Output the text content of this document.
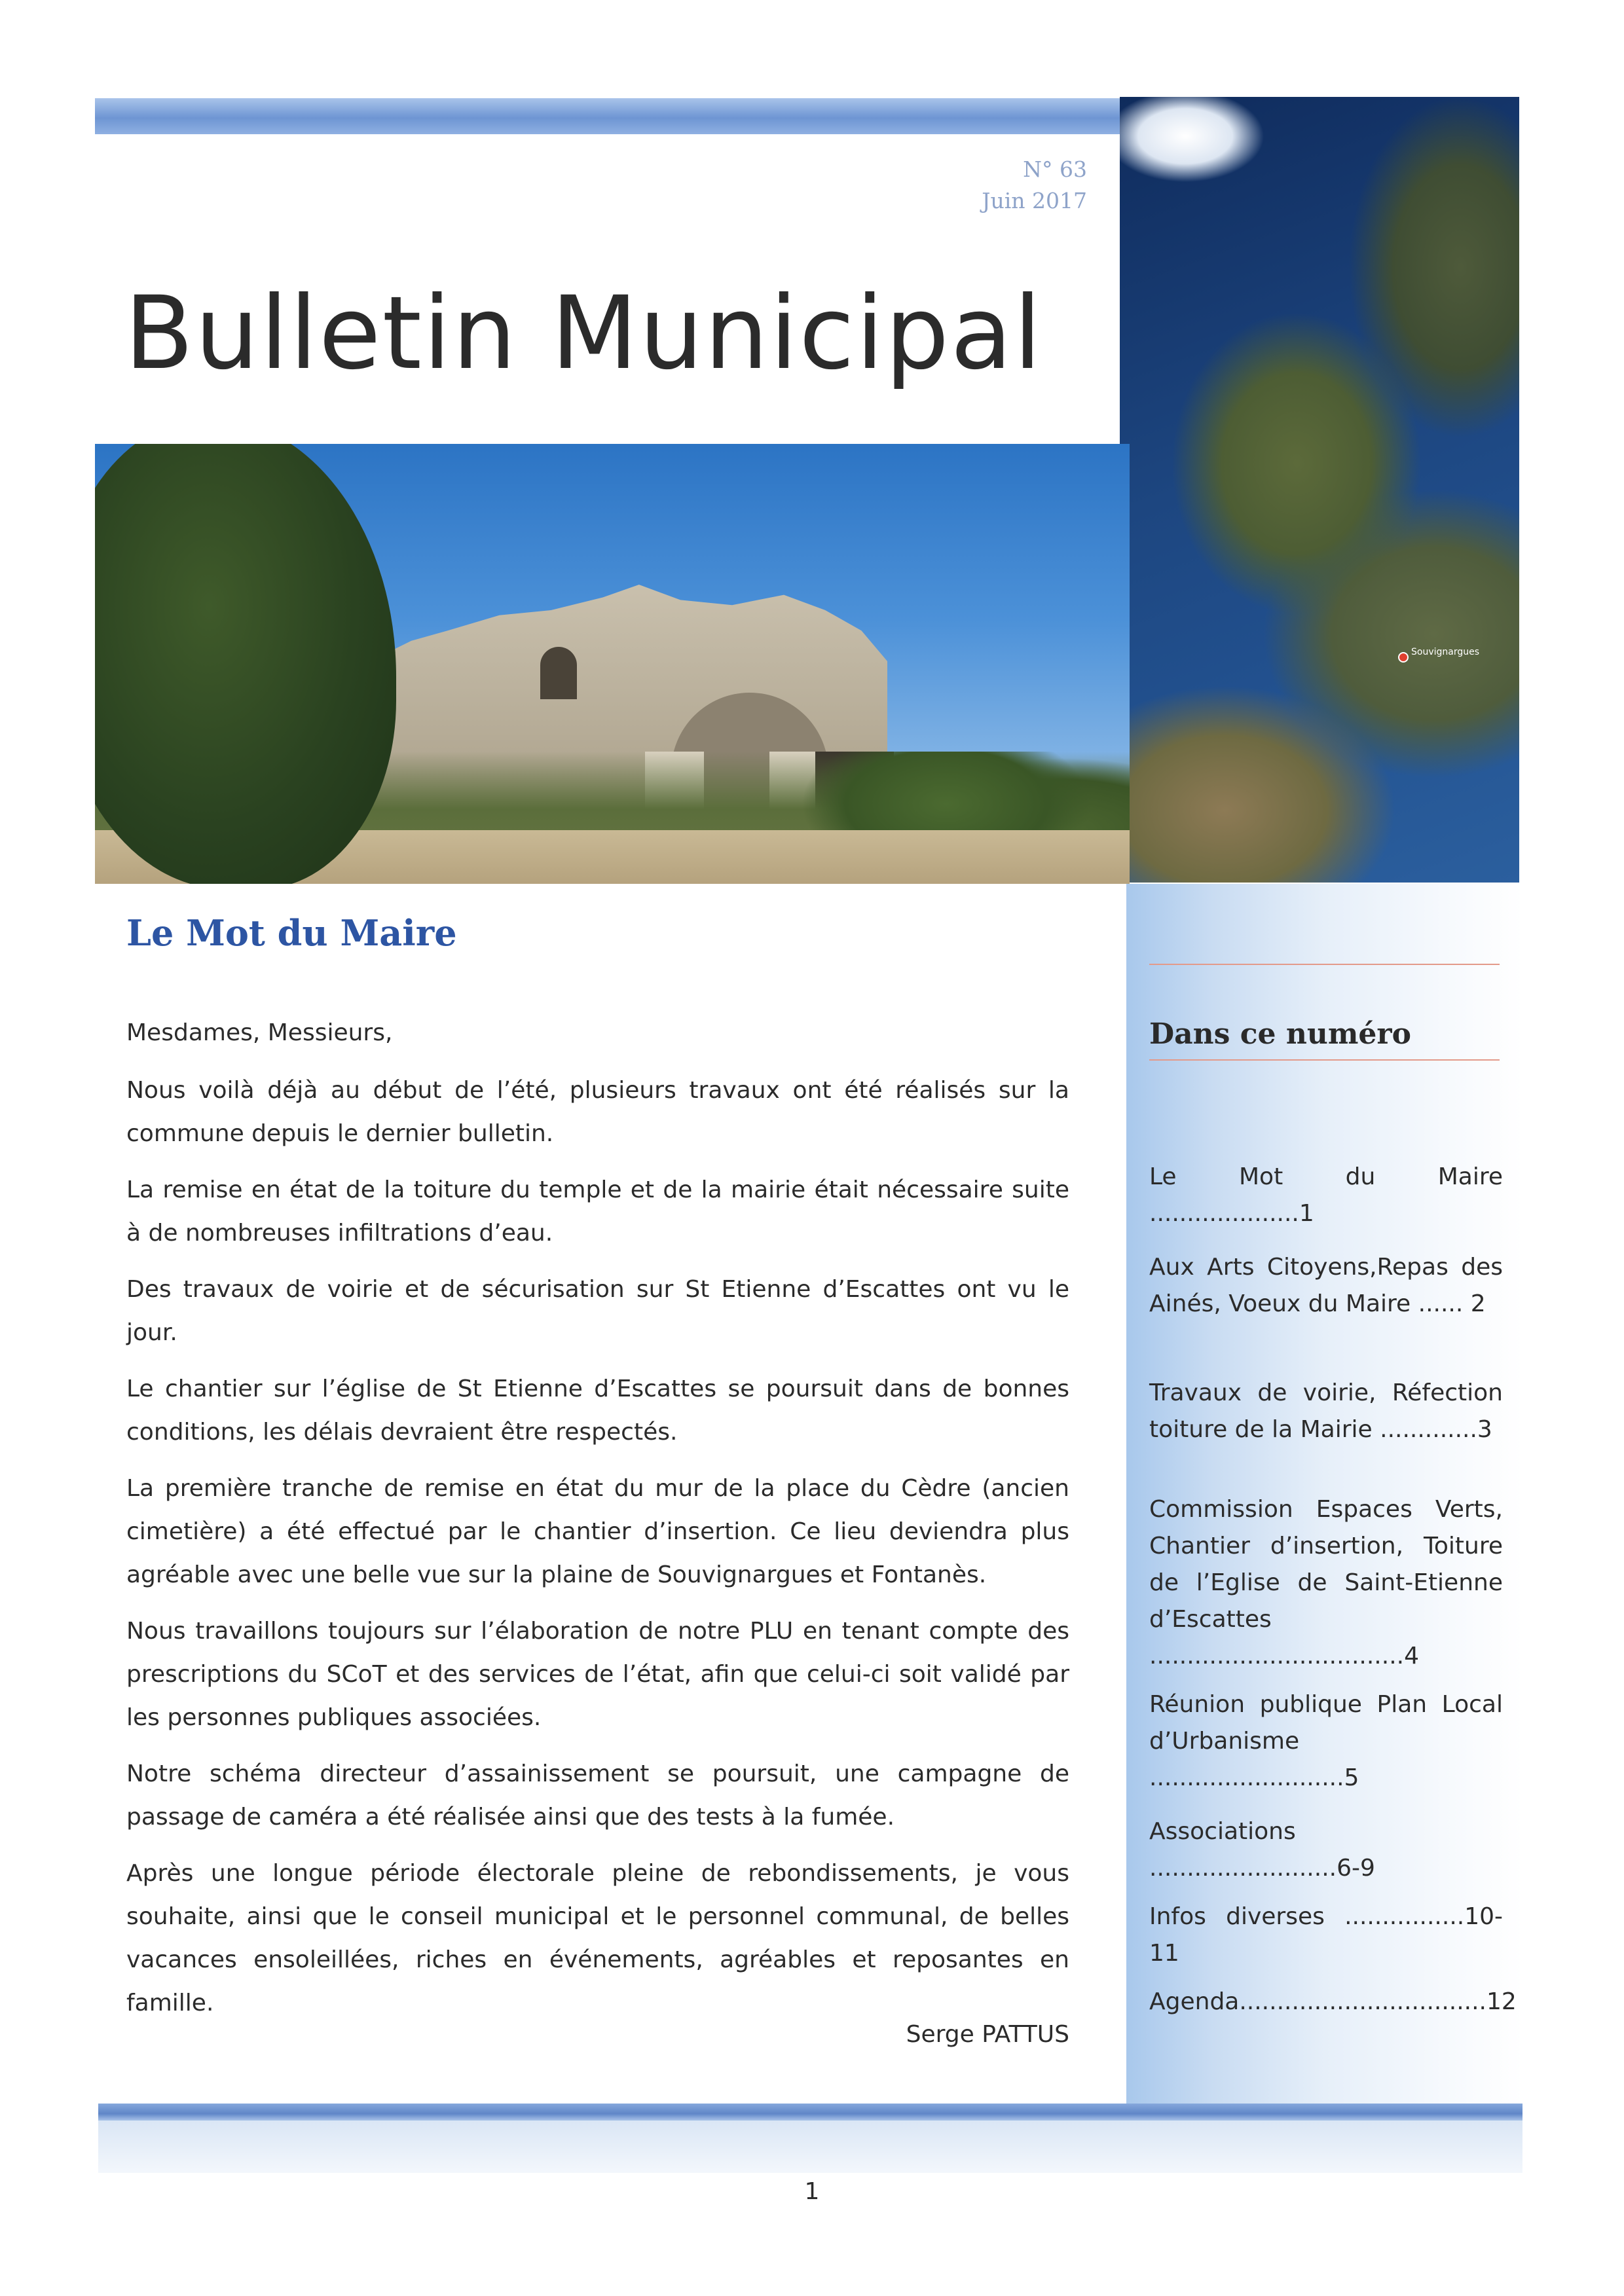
N° 63
Juin 2017
Bulletin Municipal
Souvignargues
Dans ce numéro
Le Mot du Maire ....................1
Aux Arts Citoyens,Repas des Ainés, Voeux du Maire ...... 2
Travaux de voirie, Réfection toiture de la Mairie .............3
Commission Espaces Verts, Chantier d’insertion, Toiture de l’Eglise de Saint-Etienne d’Escattes ..................................4
Réunion publique Plan Local d’Urbanisme ..........................5
Associations .........................6-9
Infos diverses ................10-11
Agenda.................................12
Le Mot du Maire

Mesdames, Messieurs,

Nous voilà déjà au début de l’été, plusieurs travaux ont été réalisés sur la commune depuis le dernier bulletin.

La remise en état de la toiture du temple et de la mairie était nécessaire suite à de nombreuses infiltrations d’eau.

Des travaux de voirie et de sécurisation sur St Etienne d’Escattes ont vu le jour.

Le chantier sur l’église de St Etienne d’Escattes se poursuit dans de bonnes conditions, les délais devraient être respectés.

La première tranche de remise en état du mur de la place du Cèdre (ancien cimetière) a été effectué par le chantier d’insertion. Ce lieu deviendra plus agréable avec une belle vue sur la plaine de Souvignargues et Fontanès.

Nous travaillons toujours sur l’élaboration de notre PLU en tenant compte des prescriptions du SCoT et des services de l’état, afin que celui-ci soit validé par les personnes publiques associées.

Notre schéma directeur d’assainissement se poursuit, une campagne de passage de caméra a été réalisée ainsi que des tests à la fumée.

Après une longue période électorale pleine de rebondissements, je vous souhaite, ainsi que le conseil municipal et le personnel communal, de belles vacances ensoleillées, riches en événements, agréables et reposantes en famille.

Serge PATTUS
1
